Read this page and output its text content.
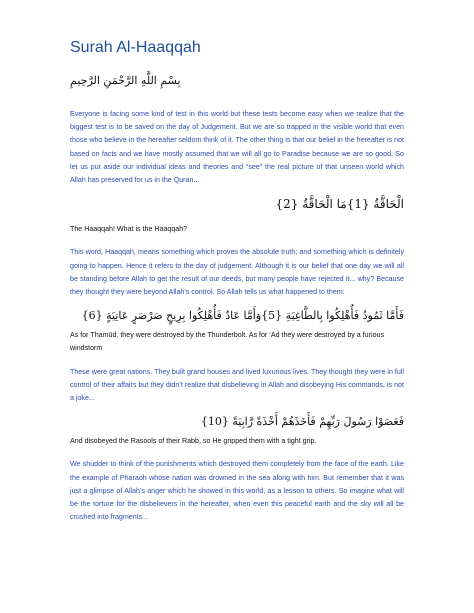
Surah Al-Haaqqah
بِسْمِ اللَّهِ الرَّحْمَنِ الرَّحِيمِ

Everyone is facing some kind of test in this world but these tests become easy when we realize that the biggest test is to be saved on the day of Judgement. But we are so trapped in the visible world that even those who believe in the hereafter seldom think of it. The other thing is that our belief in the hereafter is not based on facts and we have mostly assumed that we will all go to Paradise because we are so good. So let us put aside our individual ideas and theories and “see” the real picture of that unseen world which Allah has preserved for us in the Quran...

الْحَاقَّةُ {1}مَا الْحَاقَّةُ {2}

The Haaqqah! What is the Haaqqah?

This word, Haaqqah, means something which proves the absolute truth; and something which is definitely going to happen. Hence it refers to the day of judgement. Although it is our belief that one day we will all be standing before Allah to get the result of our deeds, but many people have rejected it... why? Because they thought they were beyond Allah's control. So Allah tells us what happened to them:

فَأَمَّا ثَمُودُ فَأُهْلِكُوا بِالطَّاغِيَةِ {5}وَأَمَّا عَادٌ فَأُهْلِكُوا بِرِيحٍ صَرْصَرٍ عَاتِيَةٍ {6}

As for Thamūd, they were destroyed by the Thunderbolt. As for ‘Ad they were destroyed by a furious windstorm

These were great nations. They built grand houses and lived luxurious lives. They thought they were in full control of their affairs but they didn’t realize that disbelieving in Allah and disobeying His commands, is not a joke...

فَعَصَوْا رَسُولَ رَبِّهِمْ فَأَخَذَهُمْ أَخْذَةً رَّابِيَةً {10}

And disobeyed the Rasools of their Rabb, so He gripped them with a tight grip.

We shudder to think of the punishments which destroyed them completely from the face of the earth. Like the example of Pharaoh whose nation was drowned in the sea along with him. But remember that it was just a glimpse of Allah's anger which he showed in this world, as a lesson to others. So imagine what will be the torture for the disbelievers in the hereafter, when even this peaceful earth and the sky will all be crushed into fragments...
